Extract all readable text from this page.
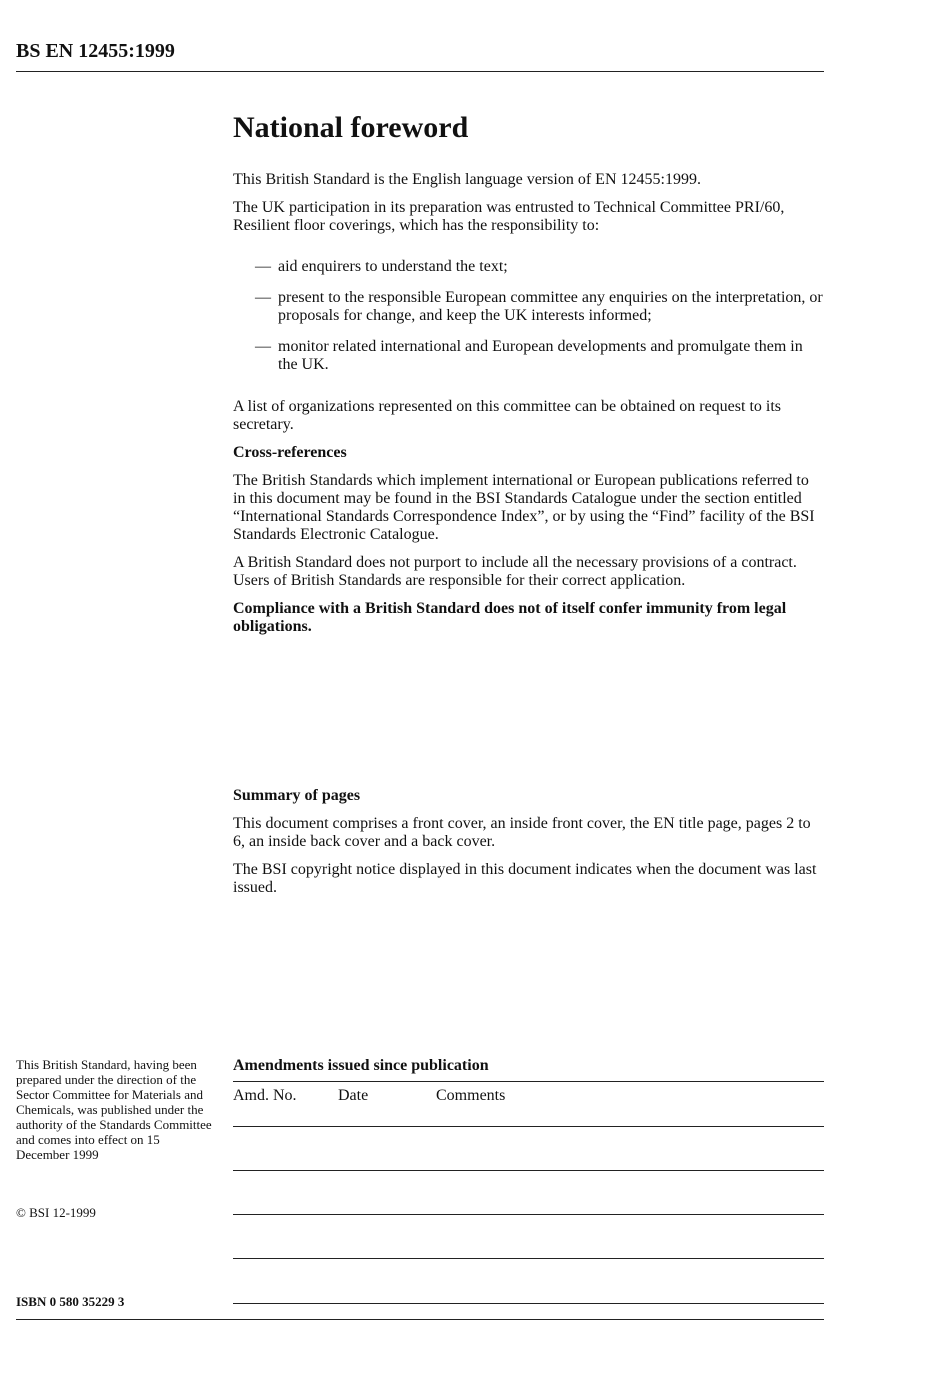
BS EN 12455:1999
National foreword

This British Standard is the English language version of EN 12455:1999.

The UK participation in its preparation was entrusted to Technical Committee PRI/60, Resilient floor coverings, which has the responsibility to:

— aid enquirers to understand the text;
— present to the responsible European committee any enquiries on the interpretation, or proposals for change, and keep the UK interests informed;
— monitor related international and European developments and promulgate them in the UK.

A list of organizations represented on this committee can be obtained on request to its secretary.

Cross-references

The British Standards which implement international or European publications referred to in this document may be found in the BSI Standards Catalogue under the section entitled “International Standards Correspondence Index”, or by using the “Find” facility of the BSI Standards Electronic Catalogue.

A British Standard does not purport to include all the necessary provisions of a contract. Users of British Standards are responsible for their correct application.

Compliance with a British Standard does not of itself confer immunity from legal obligations.

Summary of pages

This document comprises a front cover, an inside front cover, the EN title page, pages 2 to 6, an inside back cover and a back cover.

The BSI copyright notice displayed in this document indicates when the document was last issued.

This British Standard, having been prepared under the direction of the Sector Committee for Materials and Chemicals, was published under the authority of the Standards Committee and comes into effect on 15 December 1999
© BSI 12-1999
ISBN 0 580 35229 3
Amendments issued since publication
Amd. No.	Date	Comments
